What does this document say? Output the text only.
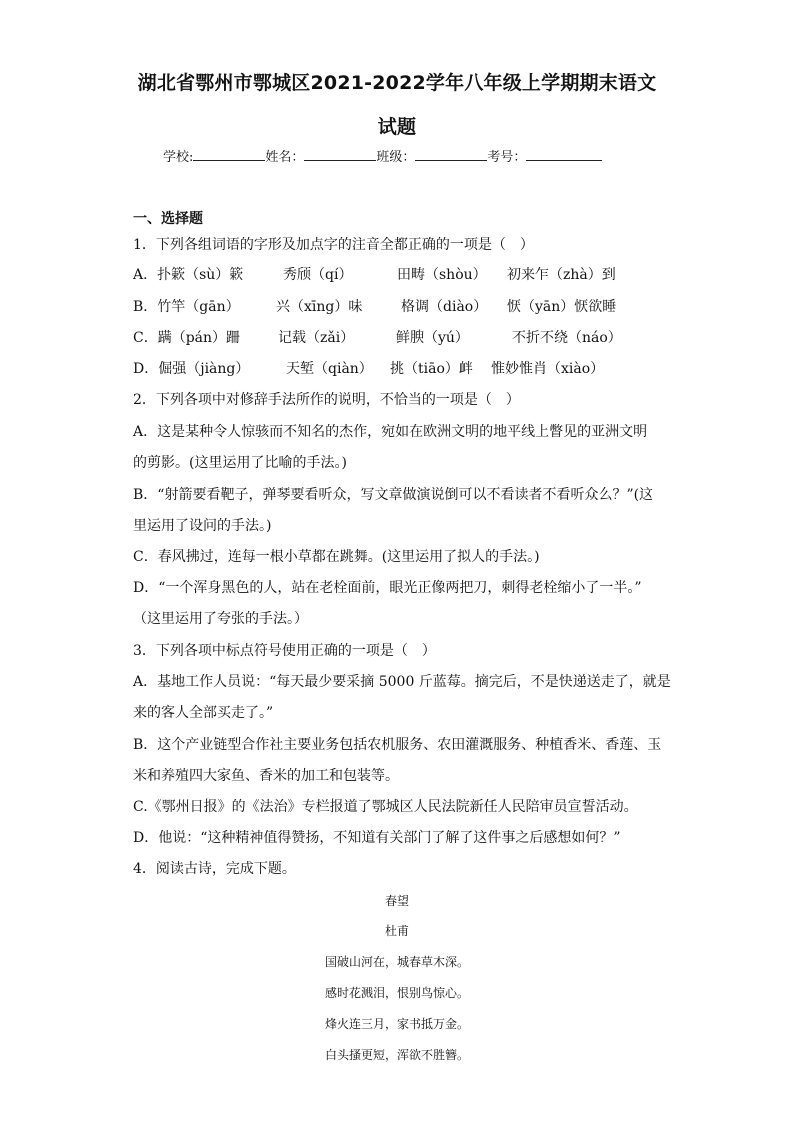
湖北省鄂州市鄂城区2021-2022学年八年级上学期期末语文
试题
学校:	姓名：	班级：	考号：
一、选择题
1．下列各组词语的字形及加点字的注音全都正确的一项是（　）
A．扑簌（sù）簌	秀颀（qí）	田畴（shòu） 初来乍（zhà）到
B．竹竿（gān）	兴（xīng）味	格调（diào） 恹（yān）恹欲睡
C．蹒（pán）跚	记载（zǎi）	鲜腴（yú）	不折不绕（náo）
D．倔强（jiàng）	天堑（qiàn） 挑（tiāo）衅 惟妙惟肖（xiào）
2．下列各项中对修辞手法所作的说明，不恰当的一项是（　）
A．这是某种令人惊骇而不知名的杰作，宛如在欧洲文明的地平线上瞥见的亚洲文明
的剪影。(这里运用了比喻的手法。)
B．“射箭要看靶子，弹琴要看听众，写文章做演说倒可以不看读者不看听众么？”(这
里运用了设问的手法。)
C．春风拂过，连每一根小草都在跳舞。(这里运用了拟人的手法。)
D．“一个浑身黑色的人，站在老栓面前，眼光正像两把刀，刺得老栓缩小了一半。”
（这里运用了夸张的手法。）
3．下列各项中标点符号使用正确的一项是（　）
A．基地工作人员说：“每天最少要采摘 5000 斤蓝莓。摘完后，不是快递送走了，就是
来的客人全部买走了。”
B．这个产业链型合作社主要业务包括农机服务、农田灌溉服务、种植香米、香莲、玉
米和养殖四大家鱼、香米的加工和包装等。
C.《鄂州日报》的《法治》专栏报道了鄂城区人民法院新任人民陪审员宣誓活动。
D．他说：“这种精神值得赞扬，不知道有关部门了解了这件事之后感想如何？”
4．阅读古诗，完成下题。
春望
杜甫
国破山河在，城春草木深。
感时花溅泪，恨别鸟惊心。
烽火连三月，家书抵万金。
白头搔更短，浑欲不胜簪。
